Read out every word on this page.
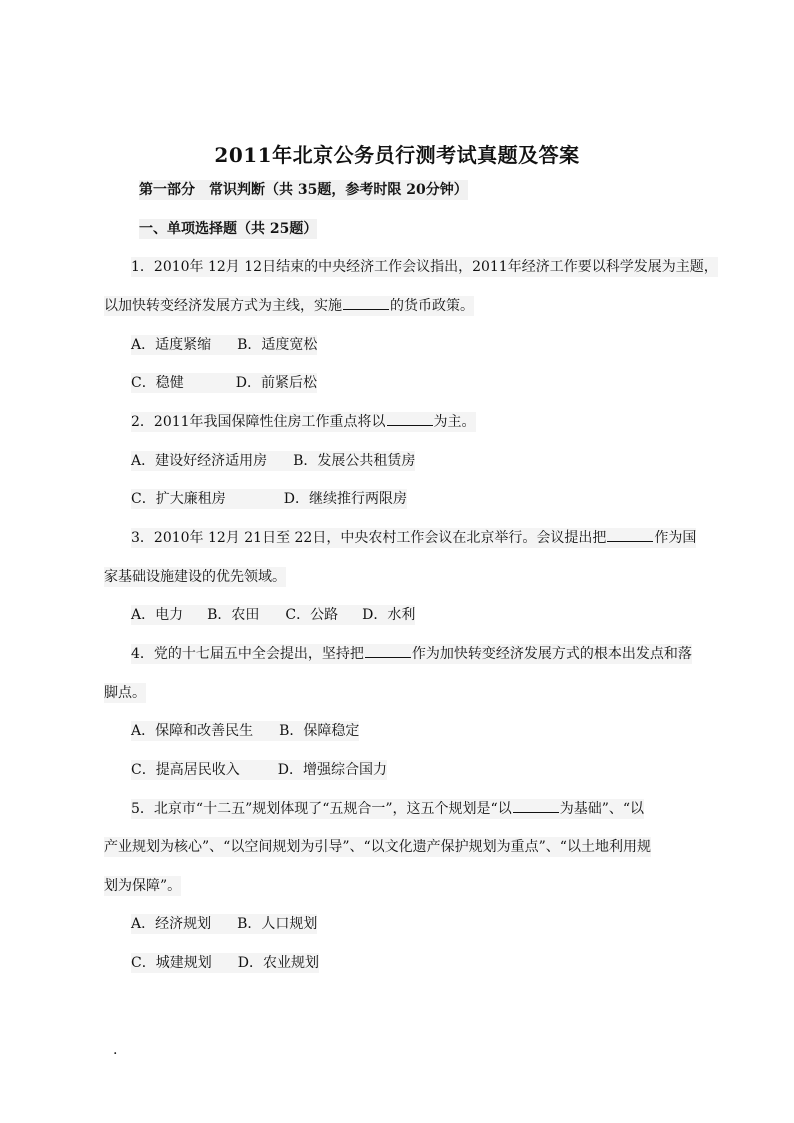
2011年北京公务员行测考试真题及答案
第一部分　常识判断（共 35题，参考时限 20分钟）
一、单项选择题（共 25题）
1．2010年 12月 12日结束的中央经济工作会议指出，2011年经济工作要以科学发展为主题，
以加快转变经济发展方式为主线，实施	的货币政策。
A．适度紧缩 B．适度宽松
C．稳健	D．前紧后松
2．2011年我国保障性住房工作重点将以	为主。
A．建设好经济适用房 B．发展公共租赁房
C．扩大廉租房	D．继续推行两限房
3．2010年 12月 21日至 22日，中央农村工作会议在北京举行。会议提出把	作为国
家基础设施建设的优先领域。
A．电力 B．农田 C．公路 D．水利
4．党的十七届五中全会提出，坚持把	作为加快转变经济发展方式的根本出发点和落
脚点。
A．保障和改善民生 B．保障稳定
C．提高居民收入	D．增强综合国力
5．北京市“十二五”规划体现了“五规合一”，这五个规划是“以	为基础”、“以
产业规划为核心”、“以空间规划为引导”、“以文化遗产保护规划为重点”、“以土地利用规
划为保障”。
A．经济规划 B．人口规划
C．城建规划 D．农业规划
.
